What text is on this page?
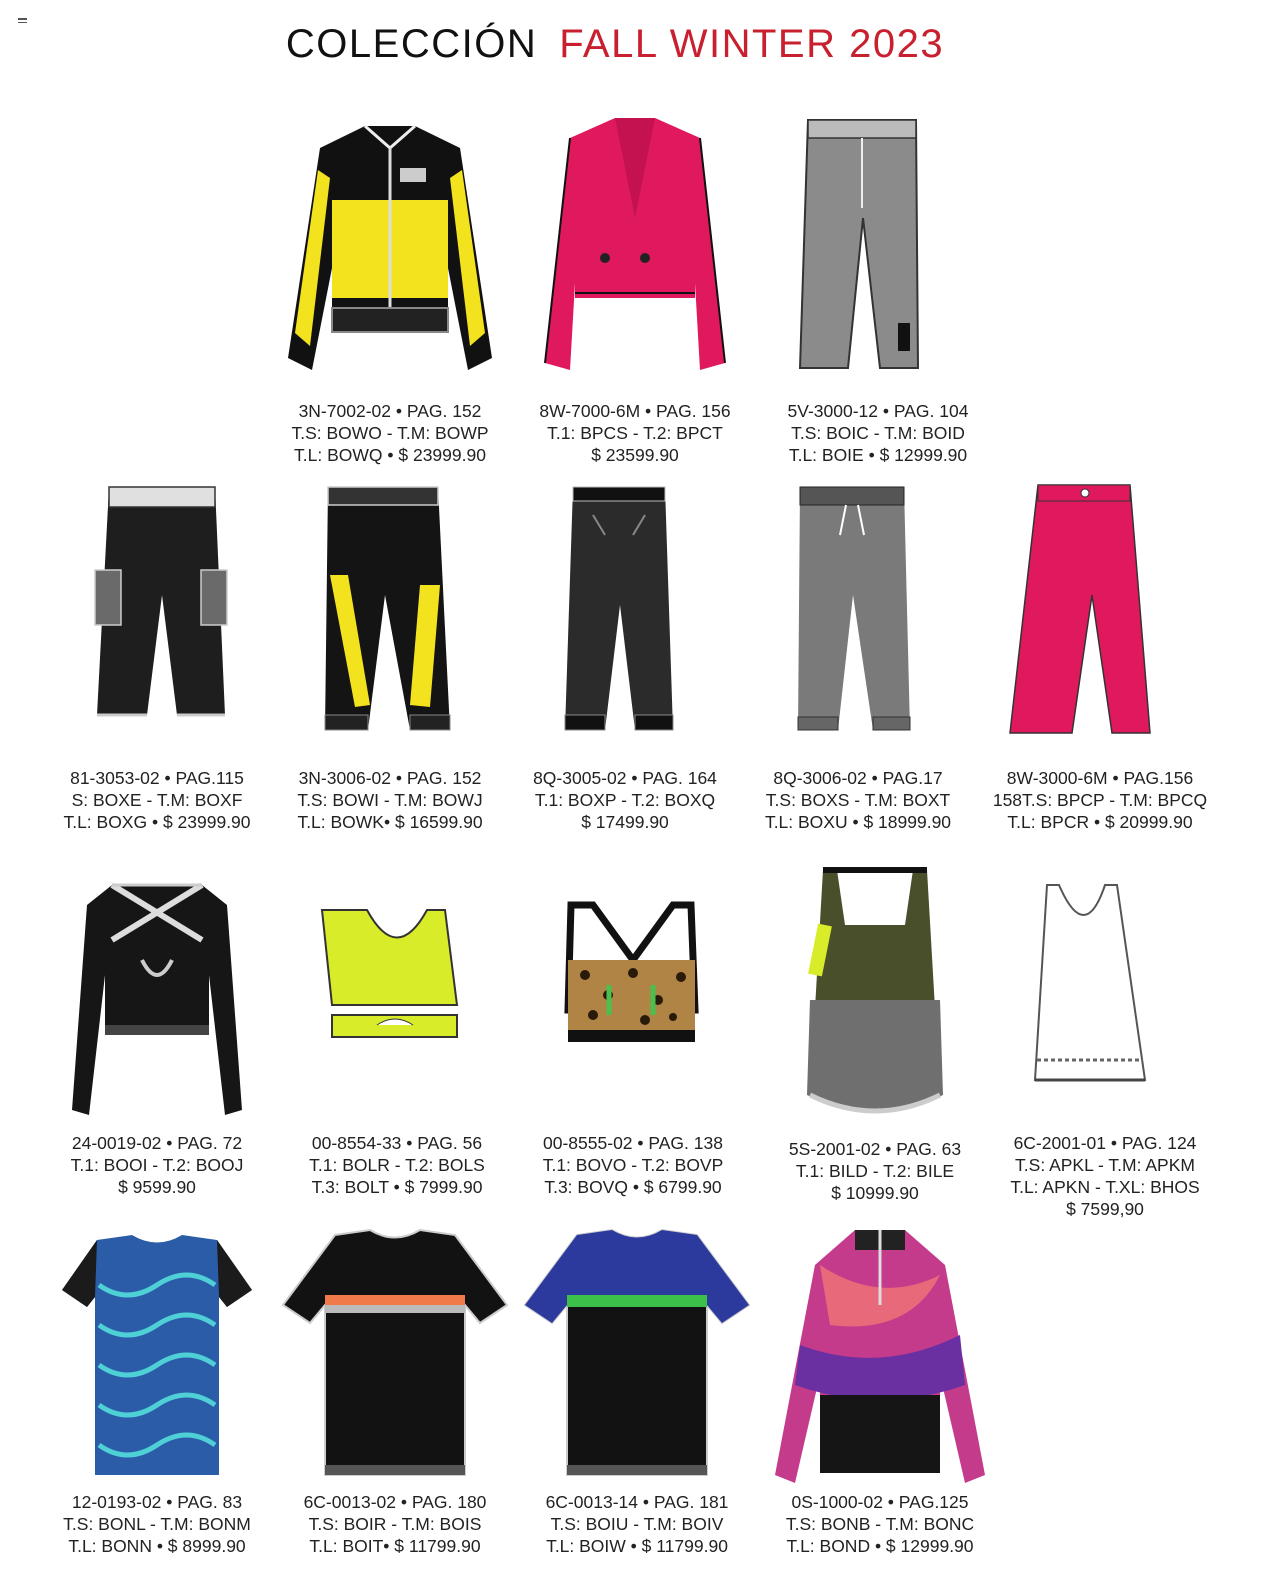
COLECCIÓN FALL WINTER 2023
3N-7002-02 • PAG. 152
T.S: BOWO - T.M: BOWP
T.L: BOWQ • $ 23999.90
8W-7000-6M • PAG. 156
T.1: BPCS - T.2: BPCT
$ 23599.90
5V-3000-12 • PAG. 104
T.S: BOIC - T.M: BOID
T.L: BOIE • $ 12999.90
81-3053-02 • PAG.115
S: BOXE - T.M: BOXF
T.L: BOXG • $ 23999.90
3N-3006-02 • PAG. 152
T.S: BOWI - T.M: BOWJ
T.L: BOWK• $ 16599.90
8Q-3005-02 • PAG. 164
T.1: BOXP - T.2: BOXQ
$ 17499.90
8Q-3006-02 • PAG.17
T.S: BOXS - T.M: BOXT
T.L: BOXU • $ 18999.90
8W-3000-6M • PAG.156
158T.S: BPCP - T.M: BPCQ
T.L: BPCR • $ 20999.90
24-0019-02 • PAG. 72
T.1: BOOI - T.2: BOOJ
$ 9599.90
00-8554-33 • PAG. 56
T.1: BOLR - T.2: BOLS
T.3: BOLT • $ 7999.90
00-8555-02 • PAG. 138
T.1: BOVO - T.2: BOVP
T.3: BOVQ • $ 6799.90
5S-2001-02 • PAG. 63
T.1: BILD - T.2: BILE
$ 10999.90
6C-2001-01 • PAG. 124
T.S: APKL - T.M: APKM
T.L: APKN - T.XL: BHOS
$ 7599,90
12-0193-02 • PAG. 83
T.S: BONL - T.M: BONM
T.L: BONN • $ 8999.90
6C-0013-02 • PAG. 180
T.S: BOIR - T.M: BOIS
T.L: BOIT• $ 11799.90
6C-0013-14 • PAG. 181
T.S: BOIU - T.M: BOIV
T.L: BOIW • $ 11799.90
0S-1000-02 • PAG.125
T.S: BONB - T.M: BONC
T.L: BOND • $ 12999.90
